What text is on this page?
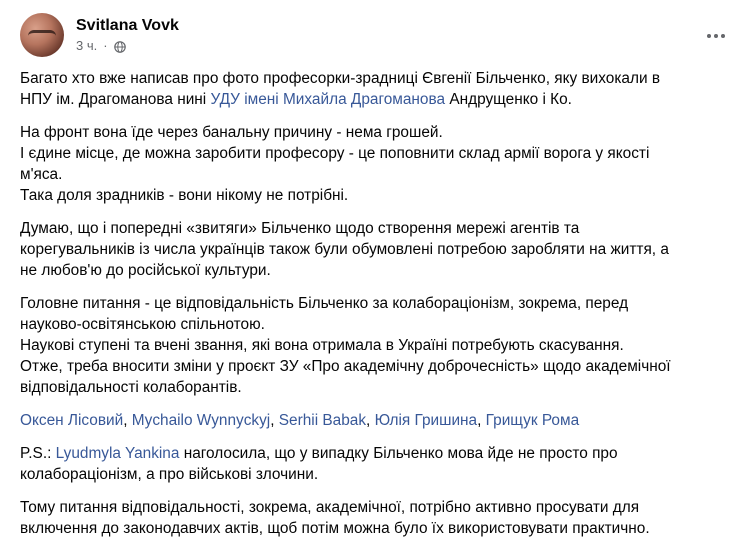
Svitlana Vovk
3 ч. ·

Багато хто вже написав про фото професорки-зрадниці Євгенії Більченко, яку вихокали в
НПУ ім. Драгоманова нині УДУ імені Михайла Драгоманова Андрущенко і Ко.

На фронт вона їде через банальну причину - нема грошей.
І єдине місце, де можна заробити професору - це поповнити склад армії ворога у якості
м'яса.
Така доля зрадників - вони нікому не потрібні.

Думаю, що і попередні «звитяги» Більченко щодо створення мережі агентів та
корегувальників із числа українців також були обумовлені потребою заробляти на життя, а
не любов'ю до російської культури.

Головне питання - це відповідальність Більченко за колабораціонізм, зокрема, перед
науково-освітянською спільнотою.
Наукові ступені та вчені звання, які вона отримала в Україні потребують скасування.
Отже, треба вносити зміни у проєкт ЗУ «Про академічну доброчесність» щодо академічної
відповідальності колаборантів.

Оксен Лісовий, Mychailo Wynnyckyj, Serhii Babak, Юлія Гришина, Грищук Рома

P.S.: Lyudmyla Yankina наголосила, що у випадку Більченко мова йде не просто про
колабораціонізм, а про військові злочини.

Тому питання відповідальності, зокрема, академічної, потрібно активно просувати для
включення до законодавчих актів, щоб потім можна було їх використовувати практично.
